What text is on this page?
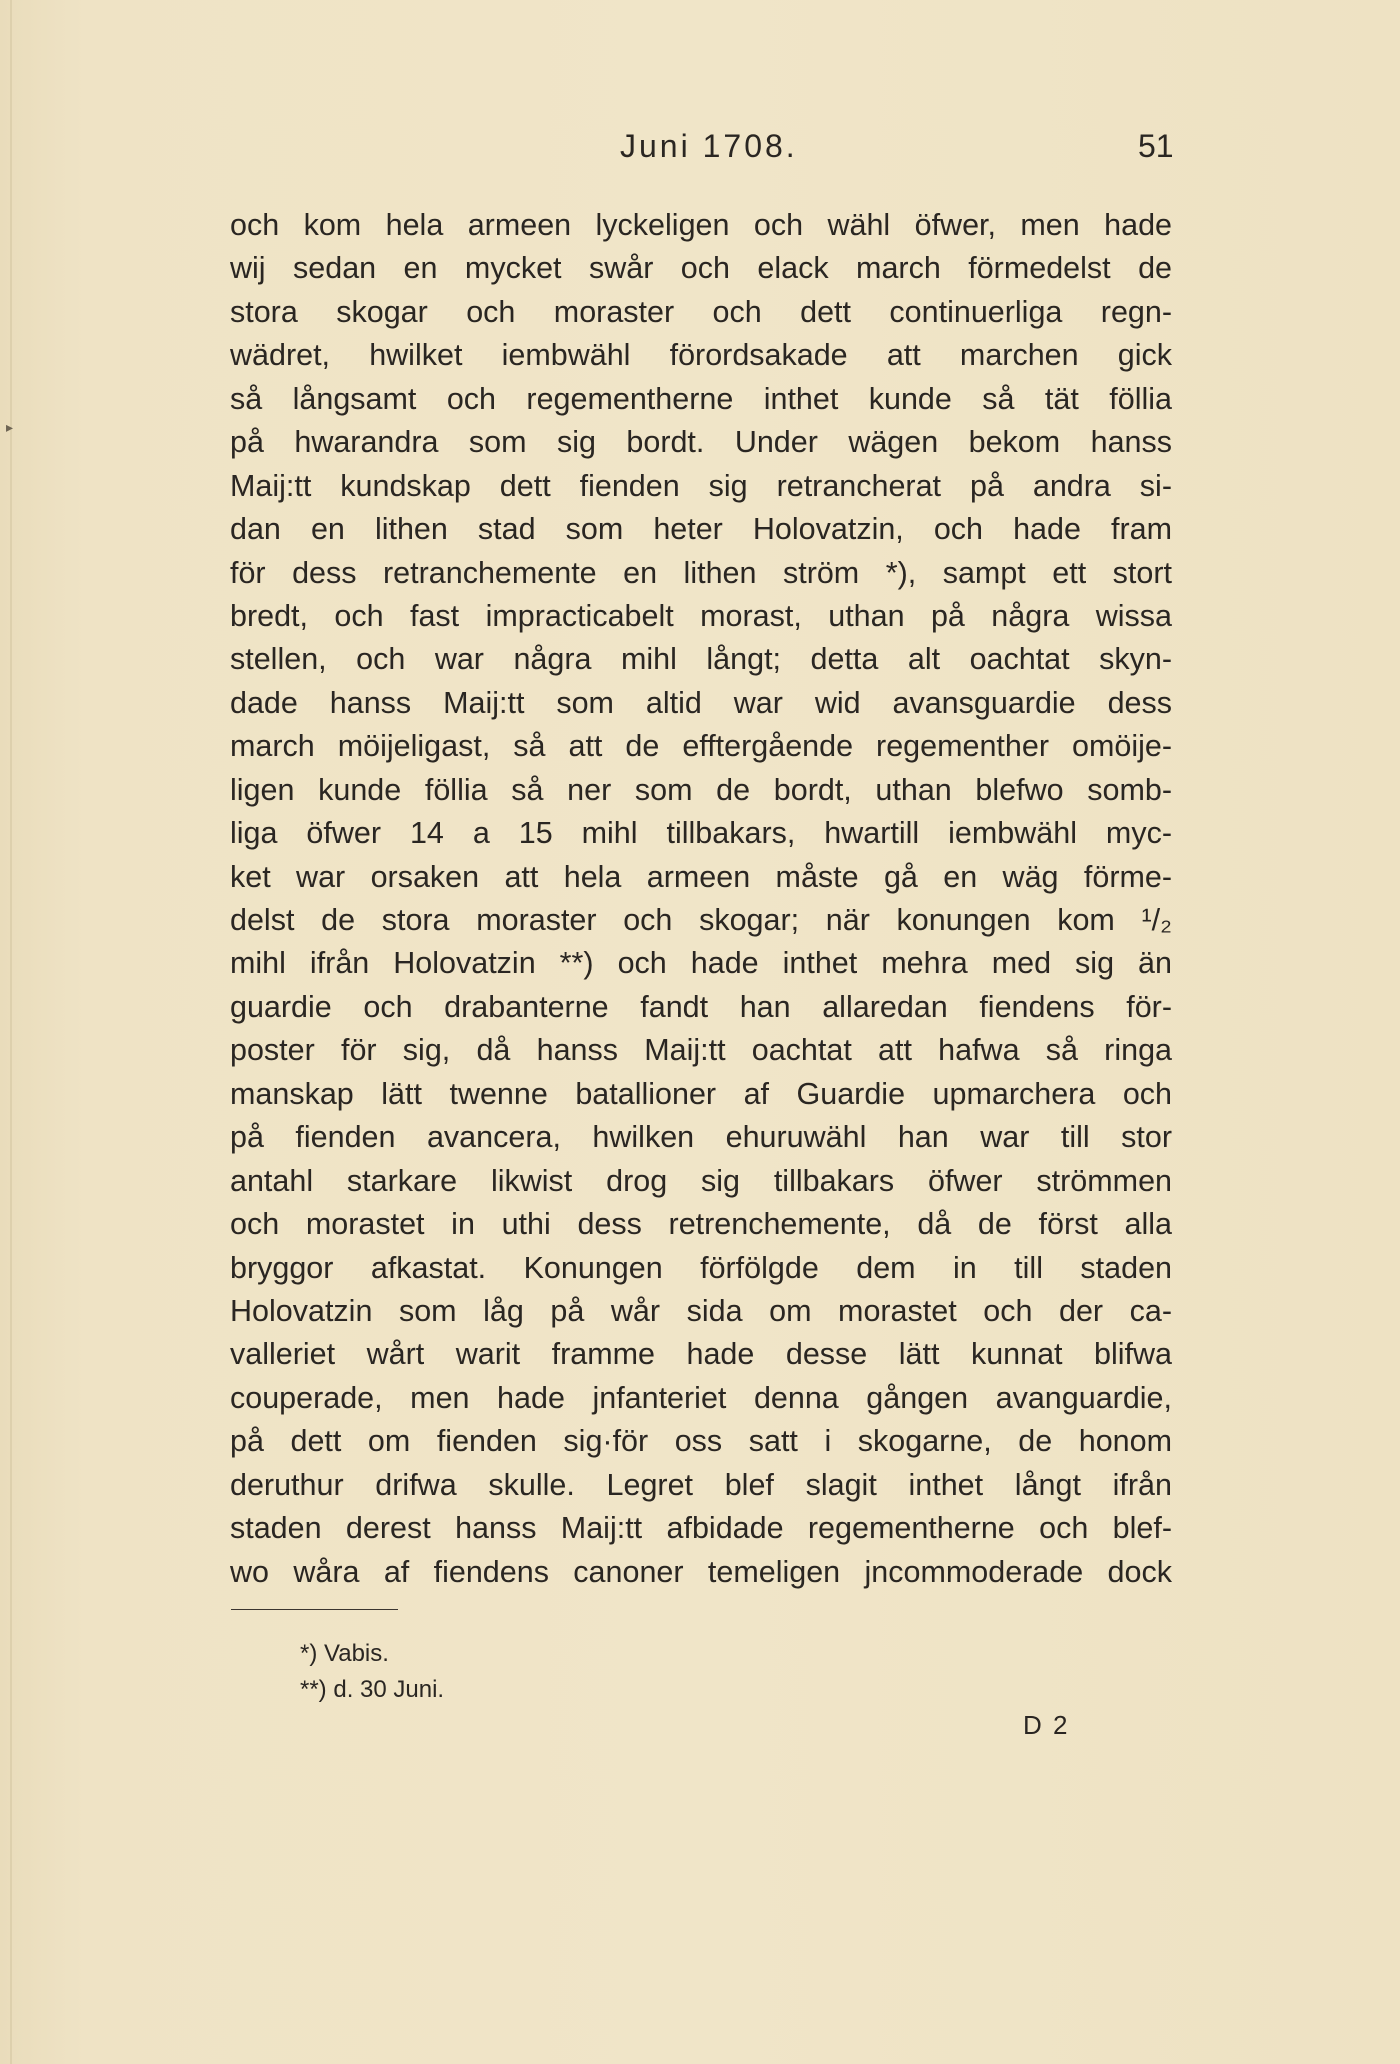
Juni 1708.	51
▸
och kom hela armeen lyckeligen och wähl öfwer, men hade
wij sedan en mycket swår och elack march förmedelst de
stora skogar och moraster och dett continuerliga regn-
wädret, hwilket iembwähl förordsakade att marchen gick
så långsamt och regementherne inthet kunde så tät föllia
på hwarandra som sig bordt. Under wägen bekom hanss
Maij:tt kundskap dett fienden sig retrancherat på andra si-
dan en lithen stad som heter Holovatzin, och hade fram
för dess retranchemente en lithen ström *), sampt ett stort
bredt, och fast impracticabelt morast, uthan på några wissa
stellen, och war några mihl långt; detta alt oachtat skyn-
dade hanss Maij:tt som altid war wid avansguardie dess
march möijeligast, så att de efftergående regementher omöije-
ligen kunde föllia så ner som de bordt, uthan blefwo somb-
liga öfwer 14 a 15 mihl tillbakars, hwartill iembwähl myc-
ket war orsaken att hela armeen måste gå en wäg förme-
delst de stora moraster och skogar; när konungen kom ¹/₂
mihl ifrån Holovatzin **) och hade inthet mehra med sig än
guardie och drabanterne fandt han allaredan fiendens för-
poster för sig, då hanss Maij:tt oachtat att hafwa så ringa
manskap lätt twenne batallioner af Guardie upmarchera och
på fienden avancera, hwilken ehuruwähl han war till stor
antahl starkare likwist drog sig tillbakars öfwer strömmen
och morastet in uthi dess retrenchemente, då de först alla
bryggor afkastat. Konungen förfölgde dem in till staden
Holovatzin som låg på wår sida om morastet och der ca-
valleriet wårt warit framme hade desse lätt kunnat blifwa
couperade, men hade jnfanteriet denna gången avanguardie,
på dett om fienden sig·för oss satt i skogarne, de honom
deruthur drifwa skulle. Legret blef slagit inthet långt ifrån
staden derest hanss Maij:tt afbidade regementherne och blef-
wo wåra af fiendens canoner temeligen jncommoderade dock
*) Vabis.
**) d. 30 Juni.
D 2
